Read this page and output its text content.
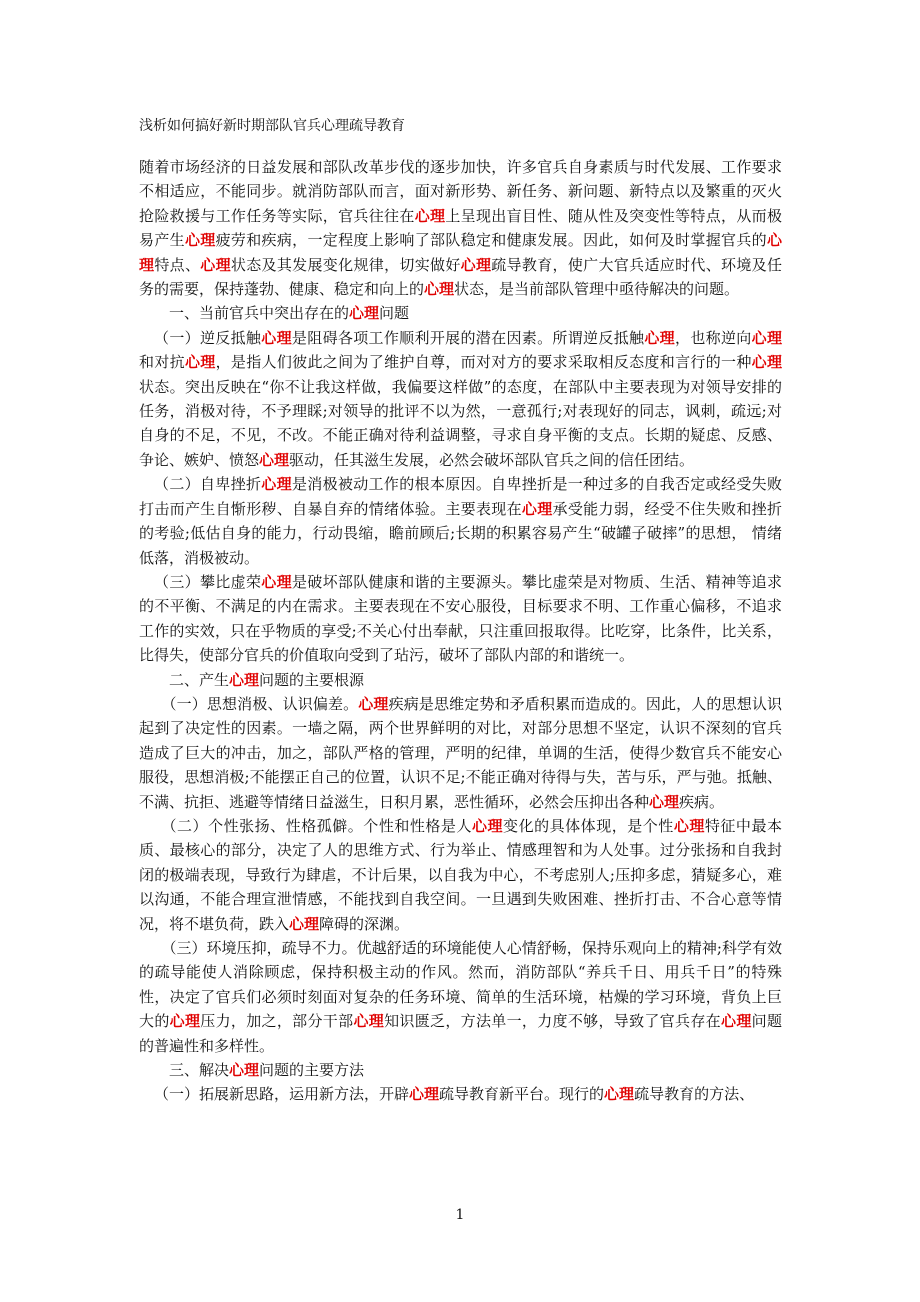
浅析如何搞好新时期部队官兵心理疏导教育

随着市场经济的日益发展和部队改革步伐的逐步加快，许多官兵自身素质与时代发展、工作要求不相适应，不能同步。就消防部队而言，面对新形势、新任务、新问题、新特点以及繁重的灭火抢险救援与工作任务等实际，官兵往往在心理上呈现出盲目性、随从性及突变性等特点，从而极易产生心理疲劳和疾病，一定程度上影响了部队稳定和健康发展。因此，如何及时掌握官兵的心理特点、心理状态及其发展变化规律，切实做好心理疏导教育，使广大官兵适应时代、环境及任务的需要，保持蓬勃、健康、稳定和向上的心理状态，是当前部队管理中亟待解决的问题。

一、当前官兵中突出存在的心理问题

（一）逆反抵触心理是阻碍各项工作顺利开展的潜在因素。所谓逆反抵触心理，也称逆向心理和对抗心理，是指人们彼此之间为了维护自尊，而对对方的要求采取相反态度和言行的一种心理状态。突出反映在“你不让我这样做，我偏要这样做”的态度，在部队中主要表现为对领导安排的任务，消极对待，不予理睬;对领导的批评不以为然，一意孤行;对表现好的同志，讽刺，疏远;对自身的不足，不见，不改。不能正确对待利益调整，寻求自身平衡的支点。长期的疑虑、反感、争论、嫉妒、愤怒心理驱动，任其滋生发展，必然会破坏部队官兵之间的信任团结。

（二）自卑挫折心理是消极被动工作的根本原因。自卑挫折是一种过多的自我否定或经受失败打击而产生自惭形秽、自暴自弃的情绪体验。主要表现在心理承受能力弱，经受不住失败和挫折的考验;低估自身的能力，行动畏缩，瞻前顾后;长期的积累容易产生“破罐子破摔”的思想， 情绪低落，消极被动。

（三）攀比虚荣心理是破坏部队健康和谐的主要源头。攀比虚荣是对物质、生活、精神等追求的不平衡、不满足的内在需求。主要表现在不安心服役，目标要求不明、工作重心偏移，不追求工作的实效，只在乎物质的享受;不关心付出奉献，只注重回报取得。比吃穿，比条件，比关系，比得失，使部分官兵的价值取向受到了玷污，破坏了部队内部的和谐统一。

二、产生心理问题的主要根源

（一）思想消极、认识偏差。心理疾病是思维定势和矛盾积累而造成的。因此，人的思想认识起到了决定性的因素。一墙之隔，两个世界鲜明的对比，对部分思想不坚定，认识不深刻的官兵造成了巨大的冲击，加之，部队严格的管理，严明的纪律，单调的生活，使得少数官兵不能安心服役，思想消极;不能摆正自己的位置，认识不足;不能正确对待得与失，苦与乐，严与弛。抵触、不满、抗拒、逃避等情绪日益滋生，日积月累，恶性循环，必然会压抑出各种心理疾病。

（二）个性张扬、性格孤僻。个性和性格是人心理变化的具体体现，是个性心理特征中最本质、最核心的部分，决定了人的思维方式、行为举止、情感理智和为人处事。过分张扬和自我封闭的极端表现，导致行为肆虐，不计后果，以自我为中心，不考虑别人;压抑多虑，猜疑多心，难以沟通，不能合理宣泄情感，不能找到自我空间。一旦遇到失败困难、挫折打击、不合心意等情况，将不堪负荷，跌入心理障碍的深渊。

（三）环境压抑，疏导不力。优越舒适的环境能使人心情舒畅，保持乐观向上的精神;科学有效的疏导能使人消除顾虑，保持积极主动的作风。然而，消防部队“养兵千日、用兵千日”的特殊性，决定了官兵们必须时刻面对复杂的任务环境、简单的生活环境，枯燥的学习环境，背负上巨大的心理压力，加之，部分干部心理知识匮乏，方法单一，力度不够，导致了官兵存在心理问题的普遍性和多样性。

三、解决心理问题的主要方法

（一）拓展新思路，运用新方法，开辟心理疏导教育新平台。现行的心理疏导教育的方法、

1
